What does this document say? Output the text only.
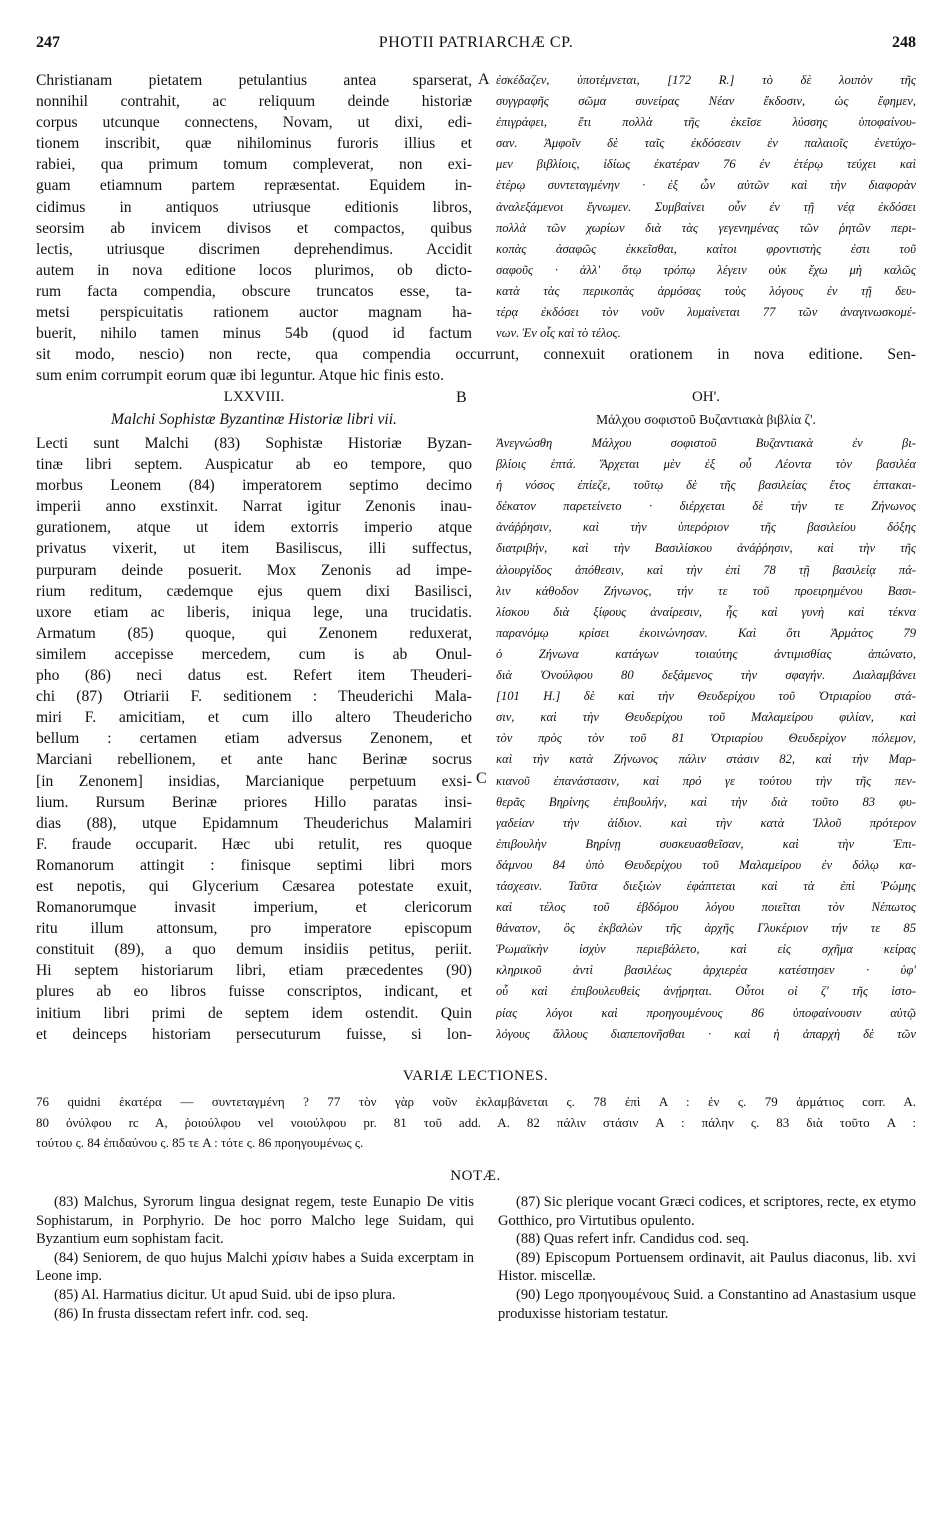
247	PHOTII PATRIARCHÆ CP.	248
Christianam pietatem petulantius antea sparserat,
nonnihil contrahit, ac reliquum deinde historiæ
corpus utcunque connectens, Novam, ut dixi, edi-
tionem inscribit, quæ nihilominus furoris illius et
rabiei, qua primum tomum compleverat, non exi-
guam etiamnum partem repræsentat. Equidem in-
cidimus in antiquos utriusque editionis libros,
seorsim ab invicem divisos et compactos, quibus
lectis, utriusque discrimen deprehendimus. Accidit
autem in nova editione locos plurimos, ob dicto-
rum facta compendia, obscure truncatos esse, ta-
metsi perspicuitatis rationem auctor magnam ha-
buerit, nihilo tamen minus 54b (quod id factum
A ἐσκέδαζεν, ὑποτέμνεται, [172 R.] τὸ δὲ λοιπὸν τῆς
συγγραφῆς σῶμα συνείρας Νέαν ἔκδοσιν, ὡς ἔφημεν,
ἐπιγράφει, ἔτι πολλὰ τῆς ἐκεῖσε λύσσης ὑποφαίνου-
σαν. Ἀμφοῖν δὲ ταῖς ἐκδόσεσιν ἐν παλαιοῖς ἐνετύχο-
μεν βιβλίοις, ἰδίως ἑκατέραν 76 ἐν ἑτέρῳ τεύχει καὶ
ἑτέρῳ συντεταγμένην · ἐξ ὧν αὐτῶν καὶ τὴν διαφορὰν
ἀναλεξάμενοι ἔγνωμεν. Συμβαίνει οὖν ἐν τῇ νέᾳ ἐκδόσει
πολλὰ τῶν χωρίων διὰ τὰς γεγενημένας τῶν ῥητῶν περι-
κοπὰς ἀσαφῶς ἐκκεῖσθαι, καίτοι φροντιστὴς ἐστι τοῦ
σαφοῦς · ἀλλ' ὅτῳ τρόπῳ λέγειν οὐκ ἔχω μὴ καλῶς
κατὰ τὰς περικοπὰς ἁρμόσας τοὺς λόγους ἐν τῇ δευ-
τέρᾳ ἐκδόσει τὸν νοῦν λυμαίνεται 77 τῶν ἀναγινωσκομέ-
νων. Ἐν οἷς καὶ τὸ τέλος.
sit modo, nescio) non recte, qua compendia occurrunt, connexuit orationem in nova editione. Sen-
sum enim corrumpit eorum quæ ibi leguntur. Atque hic finis esto.
LXXVIII.	B	ΟΗ'.
Malchi Sophistæ Byzantinæ Historiæ libri vii.	Μάλχου σοφιστοῦ Βυζαντιακὰ βιβλία ζ'.
Lecti sunt Malchi (83) Sophistæ Historiæ Byzan-
tinæ libri septem. Auspicatur ab eo tempore, quo
morbus Leonem (84) imperatorem septimo decimo
imperii anno exstinxit. Narrat igitur Zenonis inau-
gurationem, atque ut idem extorris imperio atque
privatus vixerit, ut item Basiliscus, illi suffectus,
purpuram deinde posuerit. Mox Zenonis ad impe-
rium reditum, cædemque ejus quem dixi Basilisci,
uxore etiam ac liberis, iniqua lege, una trucidatis.
Armatum (85) quoque, qui Zenonem reduxerat,
similem accepisse mercedem, cum is ab Onul-
pho (86) neci datus est. Refert item Theuderi-
chi (87) Otriarii F. seditionem : Theuderichi Mala-
miri F. amicitiam, et cum illo altero Theudericho
bellum : certamen etiam adversus Zenonem, et
Marciani rebellionem, et ante hanc Berinæ socrus
[in Zenonem] insidias, Marcianique perpetuum exsi-
lium. Rursum Berinæ priores Hillo paratas insi-
dias (88), utque Epidamnum Theuderichus Malamiri
F. fraude occuparit. Hæc ubi retulit, res quoque
Romanorum attingit : finisque septimi libri mors
est nepotis, qui Glycerium Cæsarea potestate exuit,
Romanorumque invasit imperium, et clericorum
ritu illum attonsum, pro imperatore episcopum
constituit (89), a quo demum insidiis petitus, periit.
Hi septem historiarum libri, etiam præcedentes (90)
plures ab eo libros fuisse conscriptos, indicant, et
initium libri primi de septem idem ostendit. Quin
et deinceps historiam persecuturum fuisse, si lon-
C
Ἀνεγνώσθη Μάλχου σοφιστοῦ Βυζαντιακὰ ἐν βι-
βλίοις ἑπτά. Ἄρχεται μὲν ἐξ οὗ Λέοντα τὸν βασιλέα
ἡ νόσος ἐπίεζε, τοῦτῳ δὲ τῆς βασιλείας ἔτος ἑπτακαι-
δέκατον παρετείνετο · διέρχεται δὲ τὴν τε Ζήνωνος
ἀνάῤῥησιν, καὶ τὴν ὑπερόριον τῆς βασιλείου δόξης
διατριβήν, καὶ τὴν Βασιλίσκου ἀνάῤῥησιν, καὶ τὴν τῆς
ἁλουργίδος ἀπόθεσιν, καὶ τὴν ἐπὶ 78 τῇ βασιλείᾳ πά-
λιν κάθοδον Ζήνωνος, τήν τε τοῦ προειρημένου Βασι-
λίσκου διὰ ξίφους ἀναίρεσιν, ἧς καὶ γυνὴ καὶ τέκνα
παρανόμῳ κρίσει ἐκοινώνησαν. Καὶ ὅτι Ἁρμάτος 79
ὁ Ζήνωνα κατάγων τοιαύτης ἀντιμισθίας ἀπώνατο,
διὰ Ὀνούλφου 80 δεξάμενος τὴν σφαγήν. Διαλαμβάνει
[101 H.] δὲ καὶ τὴν Θευδερίχου τοῦ Ὀτριαρίου στά-
σιν, καὶ τὴν Θευδερίχου τοῦ Μαλαμείρου φιλίαν, καὶ
τὸν πρὸς τὸν τοῦ 81 Ὀτριαρίου Θευδερίχον πόλεμον,
καὶ τὴν κατὰ Ζήνωνος πάλιν στάσιν 82, καὶ τὴν Μαρ-
κιανοῦ ἐπανάστασιν, καὶ πρό γε τούτου τὴν τῆς πεν-
θερᾶς Βηρίνης ἐπιβουλήν, καὶ τὴν διὰ τοῦτο 83 φυ-
γαδείαν τὴν ἀίδιον. καὶ τὴν κατὰ Ἰλλοῦ πρότερον
ἐπιβουλὴν Βηρίνῃ συσκευασθεῖσαν, καὶ τὴν Ἐπι-
δάμνου 84 ὑπὸ Θευδερίχου τοῦ Μαλαμείρου ἐν δόλῳ κα-
τάσχεσιν. Ταῦτα διεξιὼν ἐφάπτεται καὶ τὰ ἐπὶ Ῥώμης
καὶ τέλος τοῦ ἑβδόμου λόγου ποιεῖται τὸν Νέπωτος
θάνατον, ὃς ἐκβαλὼν τῆς ἀρχῆς Γλυκέριον τήν τε 85
Ῥωμαϊκὴν ἰσχὺν περιεβάλετο, καὶ εἰς σχῆμα κείρας
κληρικοῦ ἀντὶ βασιλέως ἀρχιερέα κατέστησεν · ὑφ'
οὗ καὶ ἐπιβουλευθεὶς ἀνῄρηται. Οὗτοι οἱ ζ' τῆς ἱστο-
ρίας λόγοι καὶ προηγουμένους 86 ὑποφαίνουσιν αὐτῷ
λόγους ἄλλους διαπεπονῆσθαι · καὶ ἡ ἀπαρχὴ δὲ τῶν
VARIÆ LECTIONES.
76 quidni ἑκατέρα — συντεταγμένη ? 77 τὸν γὰρ νοῦν ἐκλαμβάνεται ς. 78 ἐπὶ A : ἐν ς. 79 ἁρμάτιος corr. A.
80 ὀνύλφου rc A, ῥοιούλφου vel νοιούλφου pr. 81 τοῦ add. A. 82 πάλιν στάσιν A : πάλην ς. 83 διὰ τοῦτο A :
τούτου ς. 84 ἐπιδαύνου ς. 85 τε A : τότε ς. 86 προηγουμένως ς.
NOTÆ.

(83) Malchus, Syrorum lingua designat regem, teste Eunapio De vitis Sophistarum, in Porphyrio. De hoc porro Malcho lege Suidam, qui Byzantium eum sophistam facit.

(84) Seniorem, de quo hujus Malchi χρίσιν habes a Suida excerptam in Leone imp.

(85) Al. Harmatius dicitur. Ut apud Suid. ubi de ipso plura.

(86) In frusta dissectam refert infr. cod. seq.

(87) Sic plerique vocant Græci codices, et scriptores, recte, ex etymo Gotthico, pro Virtutibus opulento.

(88) Quas refert infr. Candidus cod. seq.

(89) Episcopum Portuensem ordinavit, ait Paulus diaconus, lib. xvi Histor. miscellæ.

(90) Lego προηγουμένους Suid. a Constantino ad Anastasium usque produxisse historiam testatur.
